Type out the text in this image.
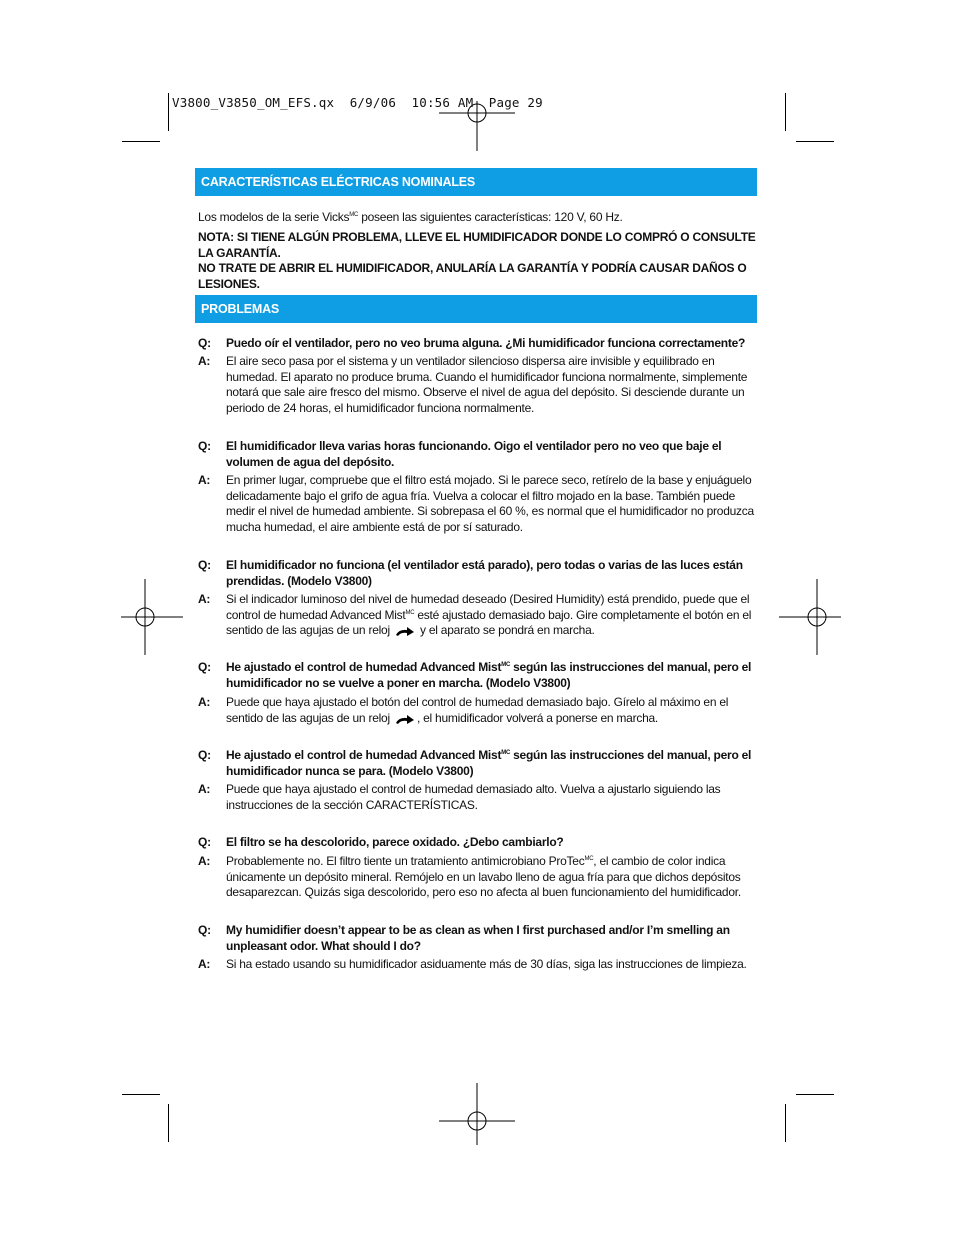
V3800_V3850_OM_EFS.qx  6/9/06  10:56 AM  Page 29
CARACTERÍSTICAS ELÉCTRICAS NOMINALES
Los modelos de la serie Vicks$^{MC}$ poseen las siguientes características: 120 V, 60 Hz.
NOTA: SI TIENE ALGÚN PROBLEMA, LLEVE EL HUMIDIFICADOR DONDE LO COMPRÓ O CONSULTE LA GARANTÍA.
NO TRATE DE ABRIR EL HUMIDIFICADOR, ANULARÍA LA GARANTÍA Y PODRÍA CAUSAR DAÑOS O LESIONES.
PROBLEMAS
Q: Puedo oír el ventilador, pero no veo bruma alguna. ¿Mi humidificador funciona correctamente?
A: El aire seco pasa por el sistema y un ventilador silencioso dispersa aire invisible y equilibrado en humedad. El aparato no produce bruma. Cuando el humidificador funciona normalmente, simplemente notará que sale aire fresco del mismo. Observe el nivel de agua del depósito. Si desciende durante un periodo de 24 horas, el humidificador funciona normalmente.
Q: El humidificador lleva varias horas funcionando. Oigo el ventilador pero no veo que baje el volumen de agua del depósito.
A: En primer lugar, compruebe que el filtro está mojado. Si le parece seco, retírelo de la base y enjuáguelo delicadamente bajo el grifo de agua fría. Vuelva a colocar el filtro mojado en la base. También puede medir el nivel de humedad ambiente. Si sobrepasa el 60 %, es normal que el humidificador no produzca mucha humedad, el aire ambiente está de por sí saturado.
Q: El humidificador no funciona (el ventilador está parado), pero todas o varias de las luces están prendidas. (Modelo V3800)
A: Si el indicador luminoso del nivel de humedad deseado (Desired Humidity) está prendido, puede que el control de humedad Advanced Mist$^{MC}$ esté ajustado demasiado bajo. Gire completamente el botón en el sentido de las agujas de un reloj  y el aparato se pondrá en marcha.
Q: He ajustado el control de humedad Advanced Mist$^{MC}$ según las instrucciones del manual, pero el humidificador no se vuelve a poner en marcha. (Modelo V3800)
A: Puede que haya ajustado el botón del control de humedad demasiado bajo. Gírelo al máximo en el sentido de las agujas de un reloj , el humidificador volverá a ponerse en marcha.
Q: He ajustado el control de humedad Advanced Mist$^{MC}$ según las instrucciones del manual, pero el humidificador nunca se para. (Modelo V3800)
A: Puede que haya ajustado el control de humedad demasiado alto. Vuelva a ajustarlo siguiendo las instrucciones de la sección CARACTERÍSTICAS.
Q: El filtro se ha descolorido, parece oxidado. ¿Debo cambiarlo?
A: Probablemente no. El filtro tiente un tratamiento antimicrobiano ProTec$^{MC}$, el cambio de color indica únicamente un depósito mineral. Remójelo en un lavabo lleno de agua fría para que dichos depósitos desaparezcan. Quizás siga descolorido, pero eso no afecta al buen funcionamiento del humidificador.
Q: My humidifier doesn’t appear to be as clean as when I first purchased and/or I’m smelling an unpleasant odor. What should I do?
A: Si ha estado usando su humidificador asiduamente más de 30 días, siga las instrucciones de limpieza.
